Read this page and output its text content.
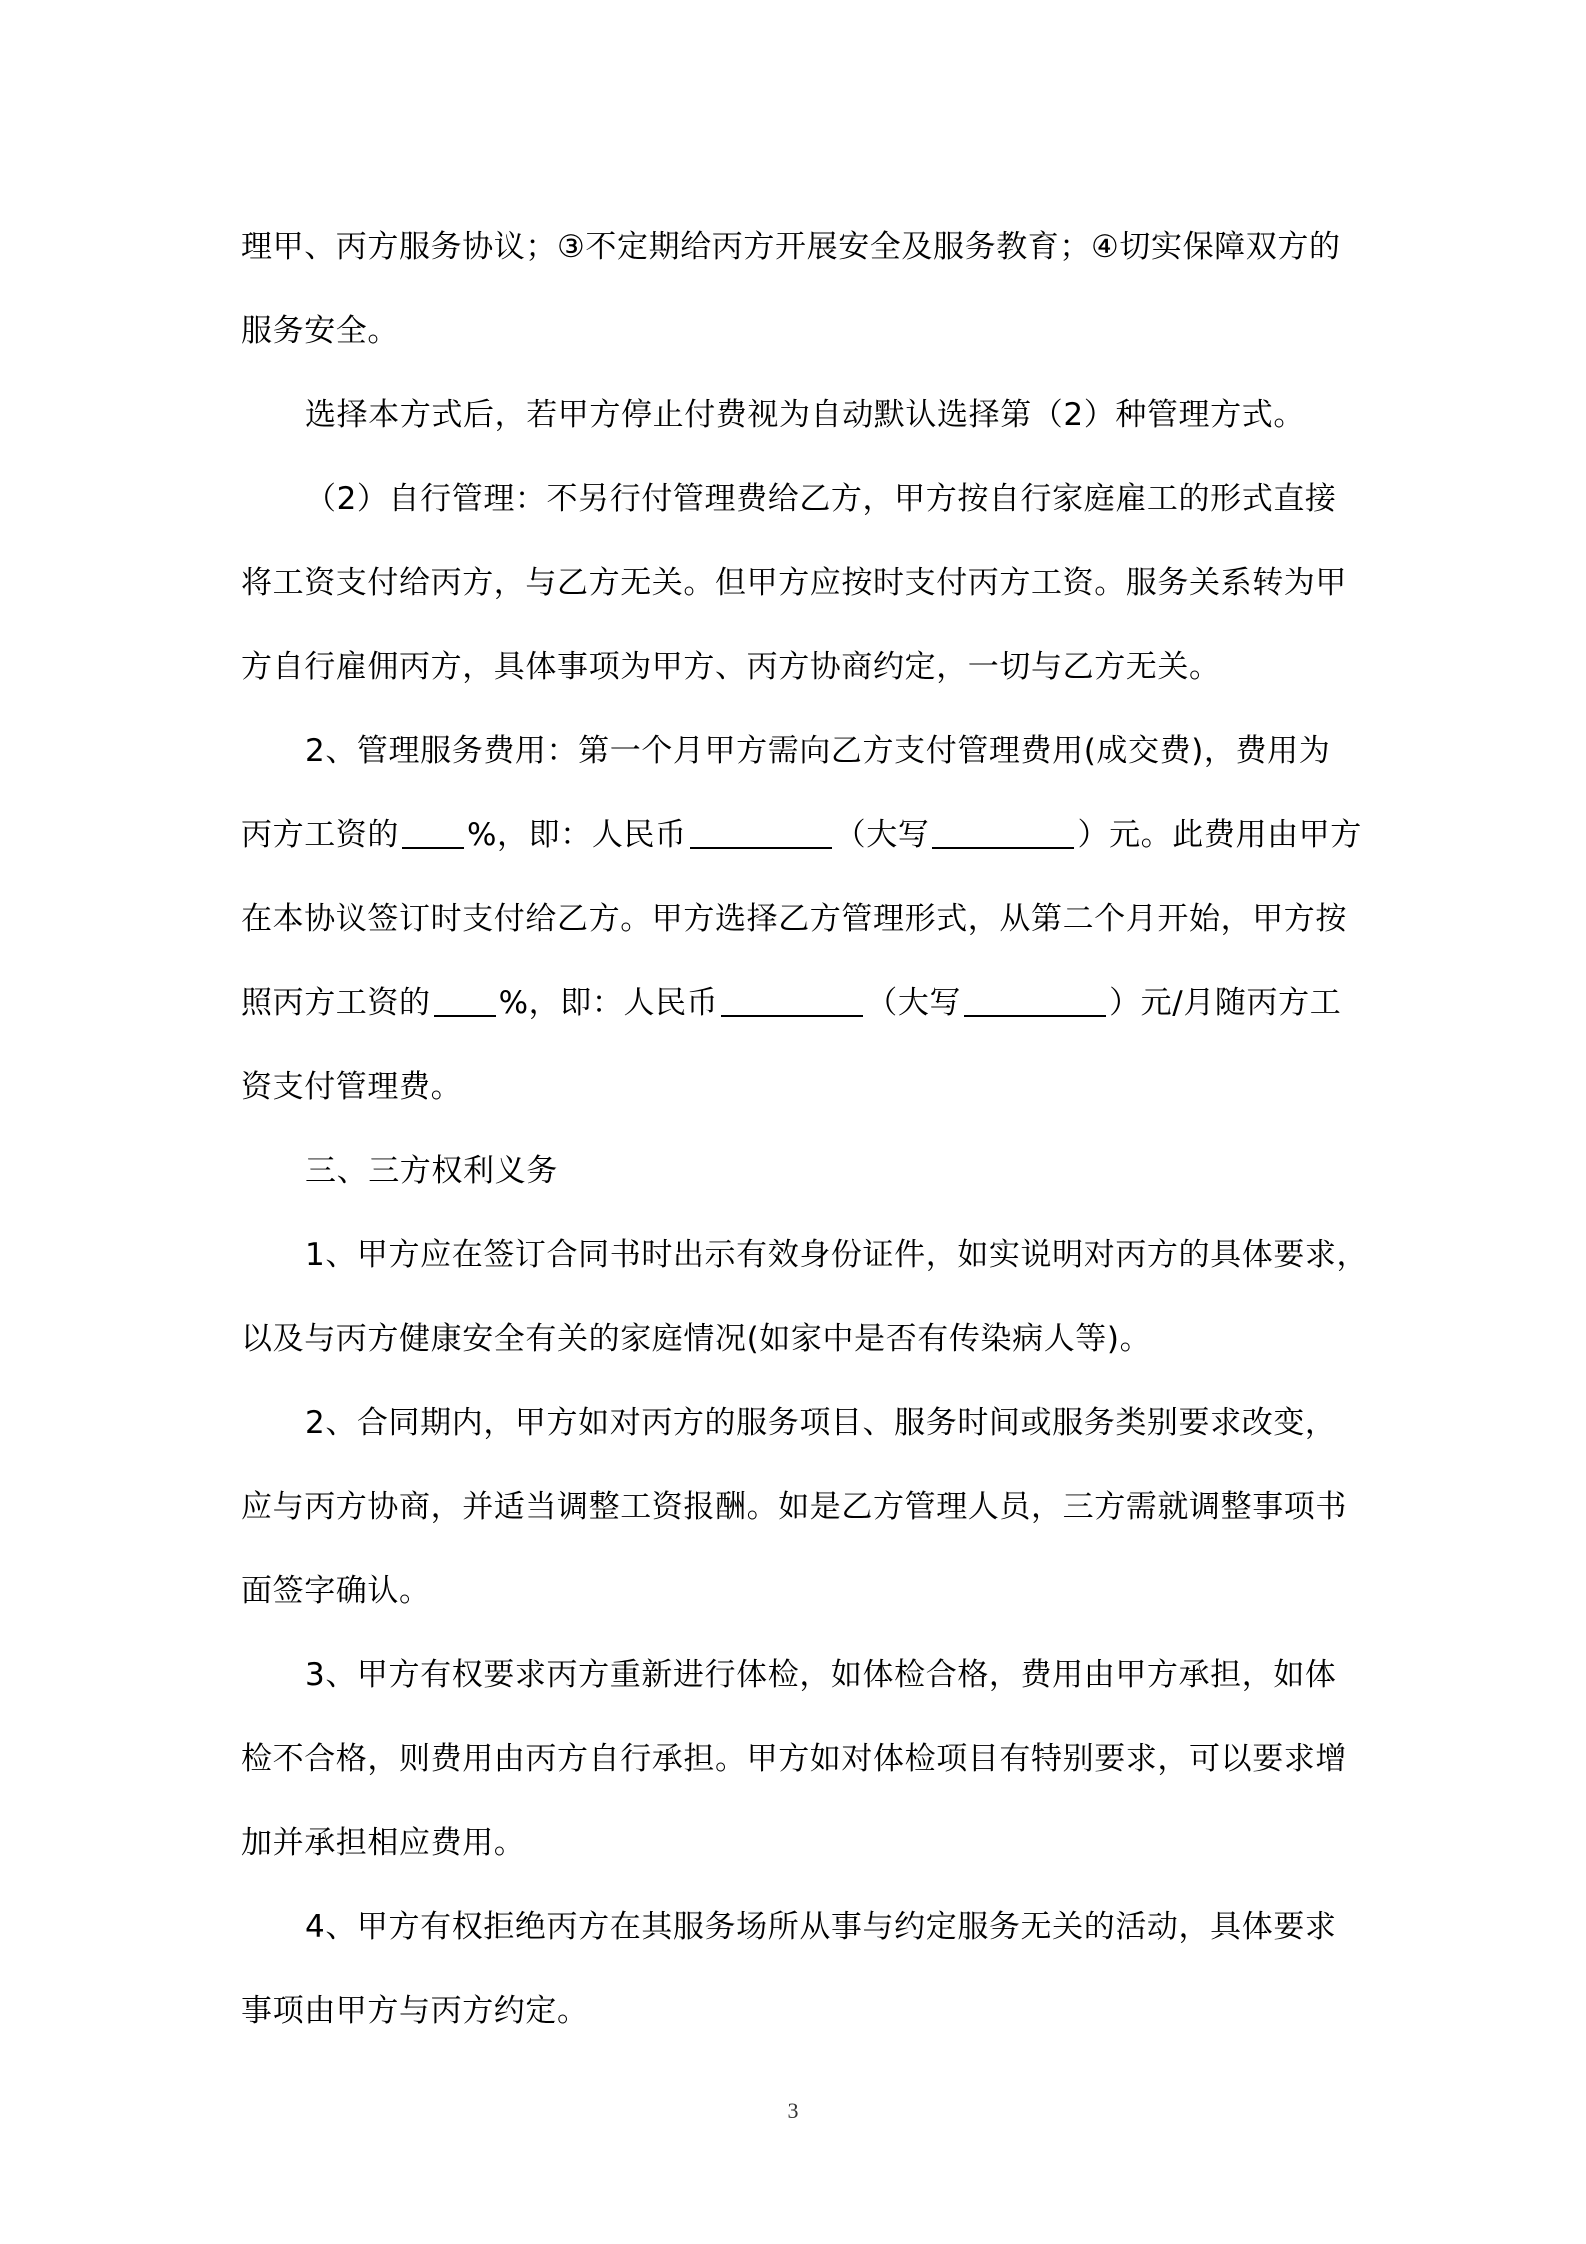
理甲、丙方服务协议；③不定期给丙方开展安全及服务教育；④切实保障双方的
服务安全。

选择本方式后，若甲方停止付费视为自动默认选择第（2）种管理方式。

（2）自行管理：不另行付管理费给乙方，甲方按自行家庭雇工的形式直接
将工资支付给丙方，与乙方无关。但甲方应按时支付丙方工资。服务关系转为甲
方自行雇佣丙方，具体事项为甲方、丙方协商约定，一切与乙方无关。

2、管理服务费用：第一个月甲方需向乙方支付管理费用(成交费)，费用为
丙方工资的 %，即：人民币	（大写	）元。此费用由甲方
在本协议签订时支付给乙方。甲方选择乙方管理形式，从第二个月开始，甲方按
照丙方工资的 %，即：人民币	（大写	）元/月随丙方工
资支付管理费。

三、三方权利义务

1、甲方应在签订合同书时出示有效身份证件，如实说明对丙方的具体要求，
以及与丙方健康安全有关的家庭情况(如家中是否有传染病人等)。

2、合同期内，甲方如对丙方的服务项目、服务时间或服务类别要求改变，
应与丙方协商，并适当调整工资报酬。如是乙方管理人员，三方需就调整事项书
面签字确认。

3、甲方有权要求丙方重新进行体检，如体检合格，费用由甲方承担，如体
检不合格，则费用由丙方自行承担。甲方如对体检项目有特别要求，可以要求增
加并承担相应费用。

4、甲方有权拒绝丙方在其服务场所从事与约定服务无关的活动，具体要求
事项由甲方与丙方约定。

3
